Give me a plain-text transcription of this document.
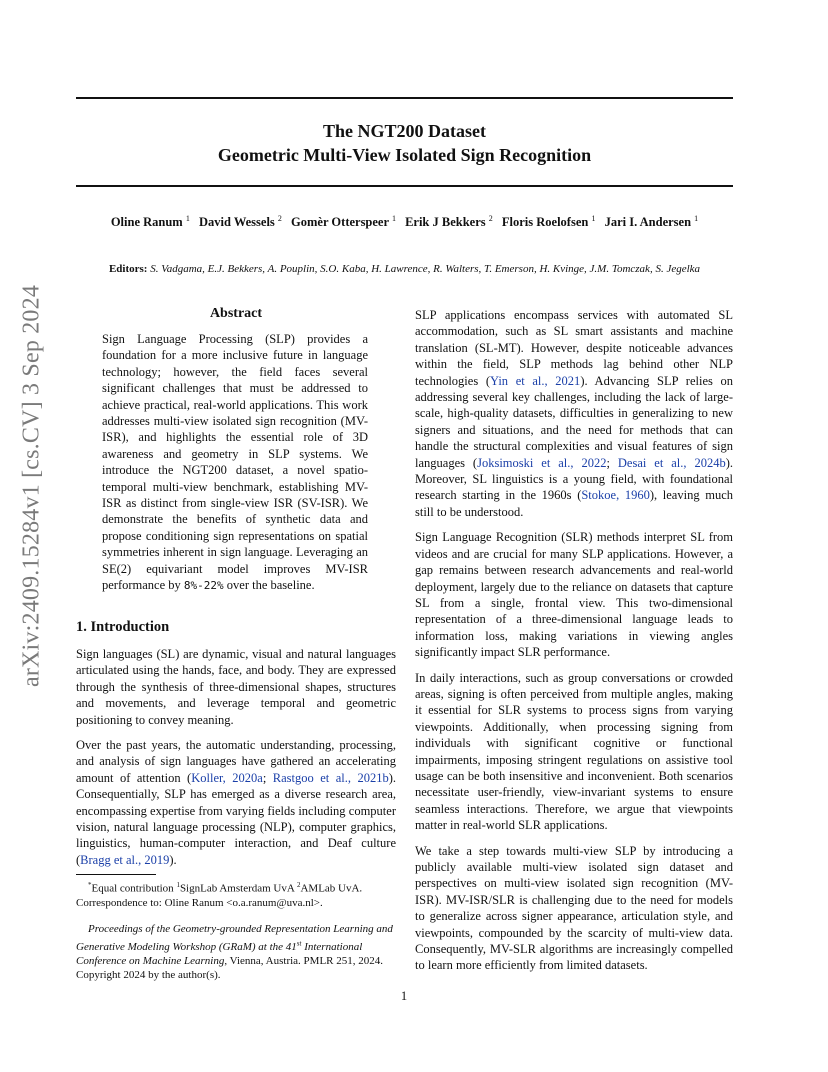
The NGT200 Dataset
Geometric Multi-View Isolated Sign Recognition
Oline Ranum $^1$ David Wessels $^2$ Gomèr Otterspeer $^1$ Erik J Bekkers $^2$ Floris Roelofsen $^1$ Jari I. Andersen $^1$
Editors: S. Vadgama, E.J. Bekkers, A. Pouplin, S.O. Kaba, H. Lawrence, R. Walters, T. Emerson, H. Kvinge, J.M. Tomczak, S. Jegelka
arXiv:2409.15284v1 [cs.CV] 3 Sep 2024	Abstract

Sign Language Processing (SLP) provides a foundation for a more inclusive future in language technology; however, the field faces several significant challenges that must be addressed to achieve practical, real-world applications. This work addresses multi-view isolated sign recognition (MV-ISR), and highlights the essential role of 3D awareness and geometry in SLP systems. We introduce the NGT200 dataset, a novel spatio-temporal multi-view benchmark, establishing MV-ISR as distinct from single-view ISR (SV-ISR). We demonstrate the benefits of synthetic data and propose conditioning sign representations on spatial symmetries inherent in sign language. Leveraging an SE(2) equivariant model improves MV-ISR performance by 8%-22% over the baseline.

1. Introduction

Sign languages (SL) are dynamic, visual and natural languages articulated using the hands, face, and body. They are expressed through the synthesis of three-dimensional shapes, structures and movements, and leverage temporal and geometric positioning to convey meaning.

Over the past years, the automatic understanding, processing, and analysis of sign languages have gathered an accelerating amount of attention (Koller, 2020a; Rastgoo et al., 2021b). Consequentially, SLP has emerged as a diverse research area, encompassing expertise from varying fields including computer vision, natural language processing (NLP), computer graphics, linguistics, human-computer interaction, and Deaf culture (Bragg et al., 2019).

SLP applications encompass services with automated SL accommodation, such as SL smart assistants and machine translation (SL-MT). However, despite noticeable advances within the field, SLP methods lag behind other NLP technologies (Yin et al., 2021). Advancing SLP relies on addressing several key challenges, including the lack of large-scale, high-quality datasets, difficulties in generalizing to new signers and situations, and the need for methods that can handle the structural complexities and visual features of sign languages (Joksimoski et al., 2022; Desai et al., 2024b). Moreover, SL linguistics is a young field, with foundational research starting in the 1960s (Stokoe, 1960), leaving much still to be understood.

Sign Language Recognition (SLR) methods interpret SL from videos and are crucial for many SLP applications. However, a gap remains between research advancements and real-world deployment, largely due to the reliance on datasets that capture SL from a single, frontal view. This two-dimensional representation of a three-dimensional language leads to information loss, making variations in viewing angles significantly impact SLR performance.

In daily interactions, such as group conversations or crowded areas, signing is often perceived from multiple angles, making it essential for SLR systems to process signs from varying viewpoints. Additionally, when processing signing from individuals with significant cognitive or functional impairments, imposing stringent regulations on assistive tool usage can be both insensitive and inconvenient. Both scenarios necessitate user-friendly, view-invariant systems to ensure seamless interactions. Therefore, we argue that viewpoints matter in real-world SLR applications.

We take a step towards multi-view SLP by introducing a publicly available multi-view isolated sign dataset and perspectives on multi-view isolated sign recognition (MV-ISR). MV-ISR/SLR is challenging due to the need for models to generalize across signer appearance, articulation style, and viewpoints, compounded by the scarcity of multi-view data. Consequently, MV-SLR algorithms are increasingly compelled to learn more efficiently from limited datasets.

*Equal contribution $^1$SignLab Amsterdam UvA $^2$AMLab UvA. Correspondence to: Oline Ranum <o.a.ranum@uva.nl>.

Proceedings of the Geometry-grounded Representation Learning and Generative Modeling Workshop (GRaM) at the 41st International Conference on Machine Learning, Vienna, Austria. PMLR 251, 2024. Copyright 2024 by the author(s).

1
